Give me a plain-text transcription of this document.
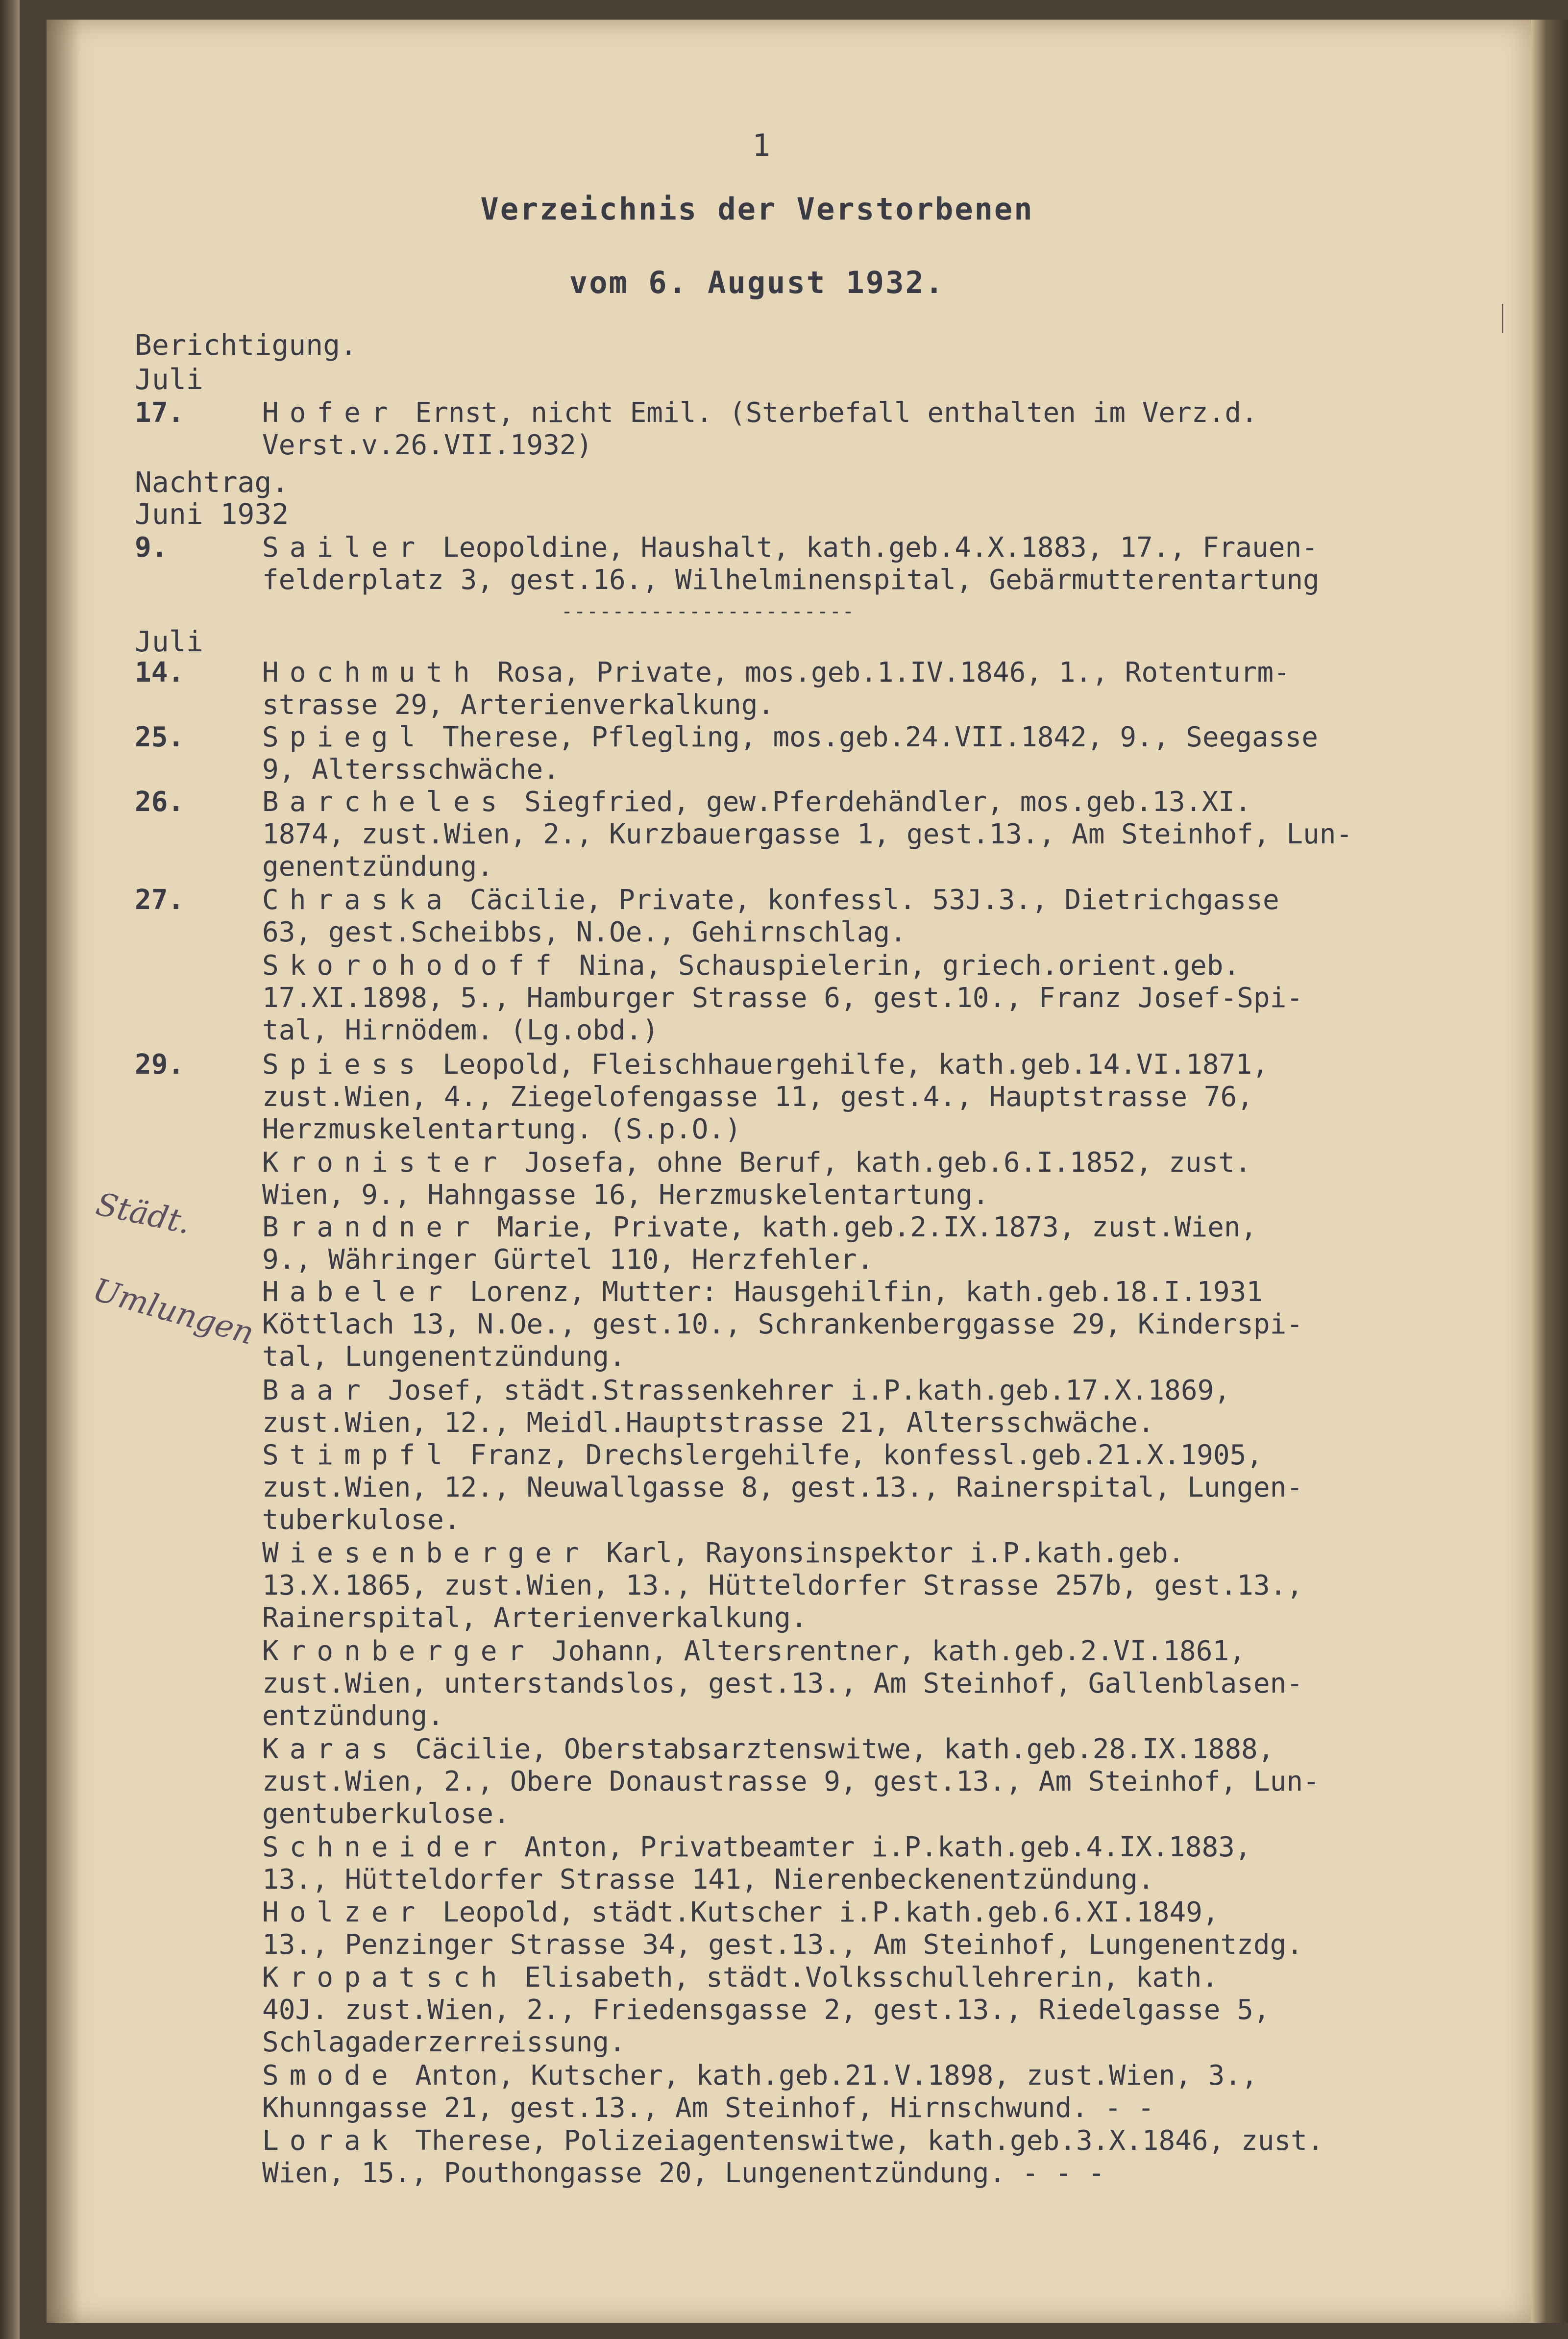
1
Verzeichnis der Verstorbenen
vom 6. August 1932.
Berichtigung.
Juli
17.	Hofer Ernst, nicht Emil. (Sterbefall enthalten im Verz.d.
Verst.v.26.VII.1932)
Nachtrag.
Juni 1932
9.	Sailer Leopoldine, Haushalt, kath.geb.4.X.1883, 17., Frauen-
felderplatz 3, gest.16., Wilhelminenspital, Gebärmutterentartung
-----------------------
Juli
14.	Hochmuth Rosa, Private, mos.geb.1.IV.1846, 1., Rotenturm-
strasse 29, Arterienverkalkung.
25.	Spiegl Therese, Pflegling, mos.geb.24.VII.1842, 9., Seegasse
9, Altersschwäche.
26.	Barcheles Siegfried, gew.Pferdehändler, mos.geb.13.XI.
1874, zust.Wien, 2., Kurzbauergasse 1, gest.13., Am Steinhof, Lun-
genentzündung.
27.	Chraska Cäcilie, Private, konfessl. 53J.3., Dietrichgasse
63, gest.Scheibbs, N.Oe., Gehirnschlag.
Skorohodoff Nina, Schauspielerin, griech.orient.geb.
17.XI.1898, 5., Hamburger Strasse 6, gest.10., Franz Josef-Spi-
tal, Hirnödem. (Lg.obd.)
29.	Spiess Leopold, Fleischhauergehilfe, kath.geb.14.VI.1871,
zust.Wien, 4., Ziegelofengasse 11, gest.4., Hauptstrasse 76,
Herzmuskelentartung. (S.p.O.)
Kronister Josefa, ohne Beruf, kath.geb.6.I.1852, zust.
Wien, 9., Hahngasse 16, Herzmuskelentartung.
Brandner Marie, Private, kath.geb.2.IX.1873, zust.Wien,
9., Währinger Gürtel 110, Herzfehler.
Habeler Lorenz, Mutter: Hausgehilfin, kath.geb.18.I.1931
Köttlach 13, N.Oe., gest.10., Schrankenberggasse 29, Kinderspi-
tal, Lungenentzündung.
Baar Josef, städt.Strassenkehrer i.P.kath.geb.17.X.1869,
zust.Wien, 12., Meidl.Hauptstrasse 21, Altersschwäche.
Stimpfl Franz, Drechslergehilfe, konfessl.geb.21.X.1905,
zust.Wien, 12., Neuwallgasse 8, gest.13., Rainerspital, Lungen-
tuberkulose.
Wiesenberger Karl, Rayonsinspektor i.P.kath.geb.
13.X.1865, zust.Wien, 13., Hütteldorfer Strasse 257b, gest.13.,
Rainerspital, Arterienverkalkung.
Kronberger Johann, Altersrentner, kath.geb.2.VI.1861,
zust.Wien, unterstandslos, gest.13., Am Steinhof, Gallenblasen-
entzündung.
Karas Cäcilie, Oberstabsarztenswitwe, kath.geb.28.IX.1888,
zust.Wien, 2., Obere Donaustrasse 9, gest.13., Am Steinhof, Lun-
gentuberkulose.
Schneider Anton, Privatbeamter i.P.kath.geb.4.IX.1883,
13., Hütteldorfer Strasse 141, Nierenbeckenentzündung.
Holzer Leopold, städt.Kutscher i.P.kath.geb.6.XI.1849,
13., Penzinger Strasse 34, gest.13., Am Steinhof, Lungenentzdg.
Kropatsch Elisabeth, städt.Volksschullehrerin, kath.
40J. zust.Wien, 2., Friedensgasse 2, gest.13., Riedelgasse 5,
Schlagaderzerreissung.
Smode Anton, Kutscher, kath.geb.21.V.1898, zust.Wien, 3.,
Khunngasse 21, gest.13., Am Steinhof, Hirnschwund. - -
Lorak Therese, Polizeiagentenswitwe, kath.geb.3.X.1846, zust.
Wien, 15., Pouthongasse 20, Lungenentzündung. - - -
Städt.
Umlungen
